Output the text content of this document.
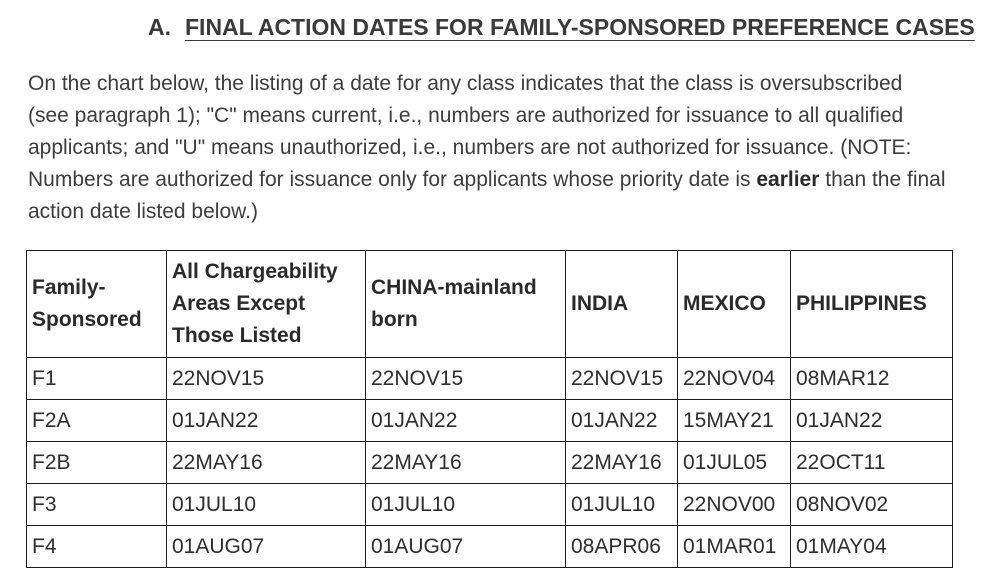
A. FINAL ACTION DATES FOR FAMILY-SPONSORED PREFERENCE CASES

On the chart below, the listing of a date for any class indicates that the class is oversubscribed (see paragraph 1); "C" means current, i.e., numbers are authorized for issuance to all qualified applicants; and "U" means unauthorized, i.e., numbers are not authorized for issuance. (NOTE: Numbers are authorized for issuance only for applicants whose priority date is earlier than the final action date listed below.)

Family-Sponsored	All Chargeability Areas Except Those Listed	CHINA-mainland born	INDIA	MEXICO	PHILIPPINES
F1	22NOV15	22NOV15	22NOV15	22NOV04	08MAR12
F2A	01JAN22	01JAN22	01JAN22	15MAY21	01JAN22
F2B	22MAY16	22MAY16	22MAY16	01JUL05	22OCT11
F3	01JUL10	01JUL10	01JUL10	22NOV00	08NOV02
F4	01AUG07	01AUG07	08APR06	01MAR01	01MAY04
